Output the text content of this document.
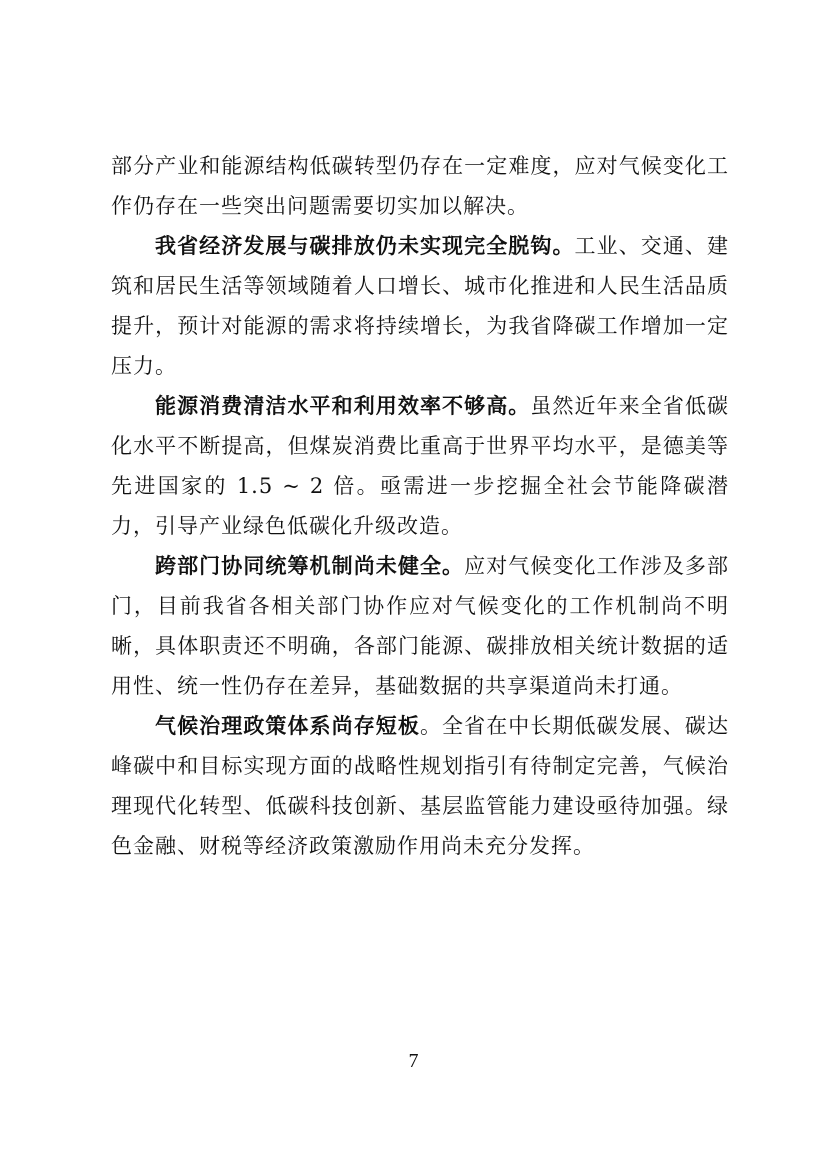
部分产业和能源结构低碳转型仍存在一定难度，应对气候变化工作仍存在一些突出问题需要切实加以解决。

我省经济发展与碳排放仍未实现完全脱钩。工业、交通、建筑和居民生活等领域随着人口增长、城市化推进和人民生活品质提升，预计对能源的需求将持续增长，为我省降碳工作增加一定压力。

能源消费清洁水平和利用效率不够高。虽然近年来全省低碳化水平不断提高，但煤炭消费比重高于世界平均水平，是德美等先进国家的 1.5 ~ 2 倍。亟需进一步挖掘全社会节能降碳潜力，引导产业绿色低碳化升级改造。

跨部门协同统筹机制尚未健全。应对气候变化工作涉及多部门，目前我省各相关部门协作应对气候变化的工作机制尚不明晰，具体职责还不明确，各部门能源、碳排放相关统计数据的适用性、统一性仍存在差异，基础数据的共享渠道尚未打通。

气候治理政策体系尚存短板。全省在中长期低碳发展、碳达峰碳中和目标实现方面的战略性规划指引有待制定完善，气候治理现代化转型、低碳科技创新、基层监管能力建设亟待加强。绿色金融、财税等经济政策激励作用尚未充分发挥。

7
